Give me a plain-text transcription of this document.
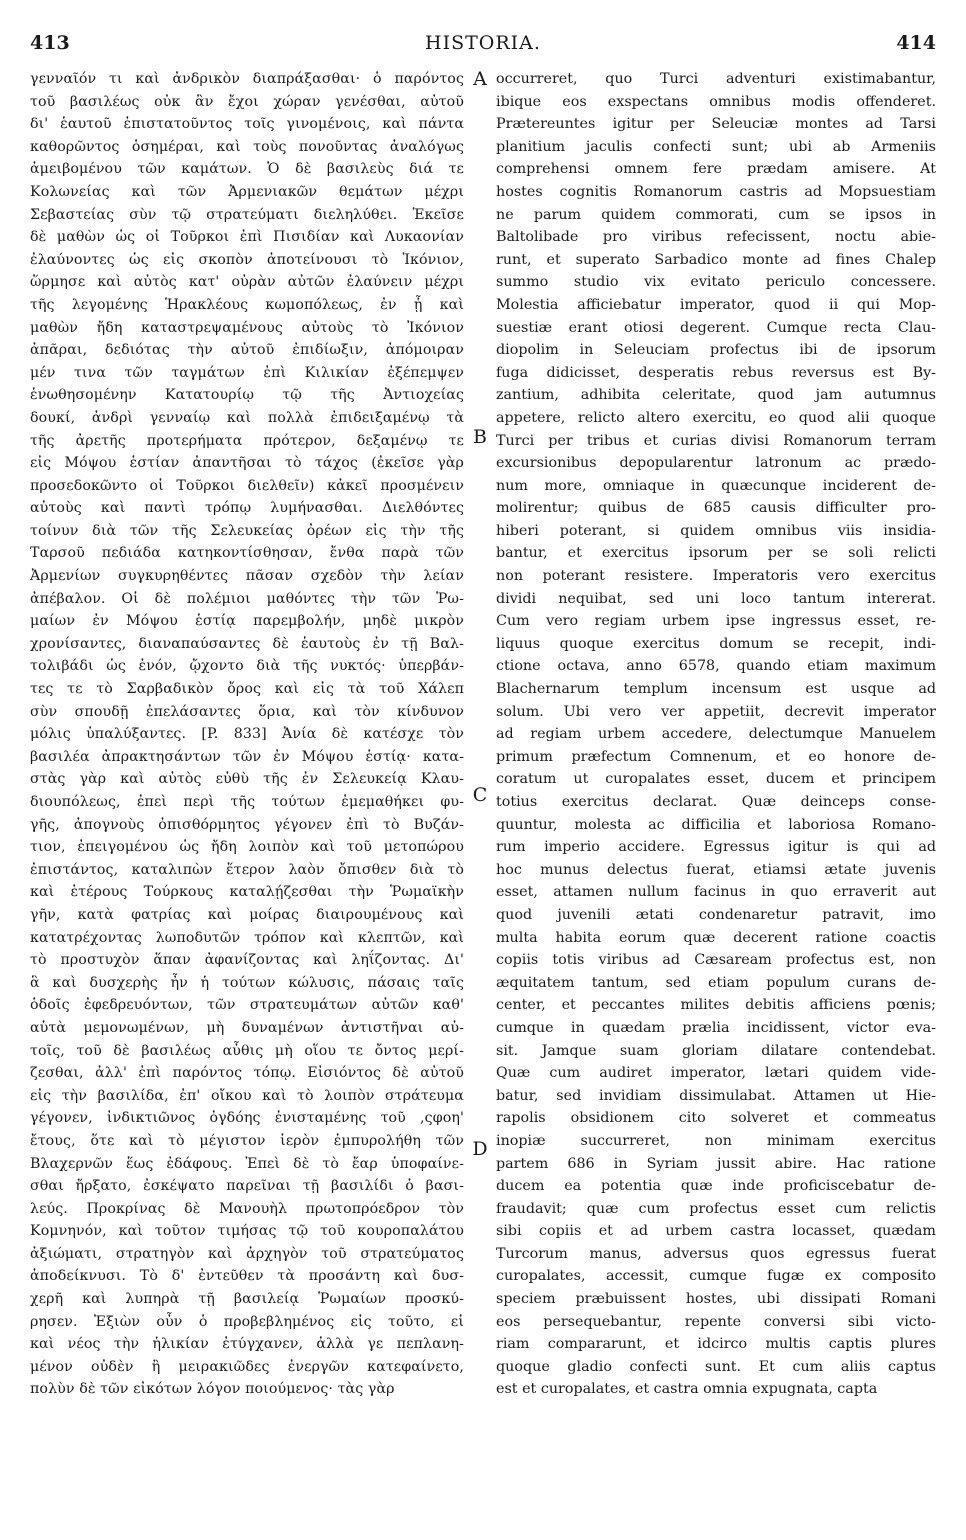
413	HISTORIA.	414
γενναῖόν τι καὶ ἀνδρικὸν διαπράξασθαι· ὁ παρόντος
τοῦ βασιλέως οὐκ ἂν ἔχοι χώραν γενέσθαι, αὐτοῦ
δι' ἑαυτοῦ ἐπιστατοῦντος τοῖς γινομένοις, καὶ πάντα
καθορῶντος ὁσημέραι, καὶ τοὺς πονοῦντας ἀναλόγως
ἀμειβομένου τῶν καμάτων. Ὁ δὲ βασιλεὺς διά τε
Κολωνείας καὶ τῶν Ἀρμενιακῶν θεμάτων μέχρι
Σεβαστείας σὺν τῷ στρατεύματι διεληλύθει. Ἐκεῖσε
δὲ μαθὼν ὡς οἱ Τοῦρκοι ἐπὶ Πισιδίαν καὶ Λυκαονίαν
ἐλαύνοντες ὡς εἰς σκοπὸν ἀποτείνουσι τὸ Ἰκόνιον,
ὥρμησε καὶ αὐτὸς κατ' οὐρὰν αὐτῶν ἐλαύνειν μέχρι
τῆς λεγομένης Ἡρακλέους κωμοπόλεως, ἐν ᾗ καὶ
μαθὼν ἤδη καταστρεψαμένους αὐτοὺς τὸ Ἰκόνιον
ἀπᾶραι, δεδιότας τὴν αὐτοῦ ἐπιδίωξιν, ἀπόμοιραν
μέν τινα τῶν ταγμάτων ἐπὶ Κιλικίαν ἐξέπεμψεν
ἑνωθησομένην Κατατουρίῳ τῷ τῆς Ἀντιοχείας
δουκί, ἀνδρὶ γενναίῳ καὶ πολλὰ ἐπιδειξαμένῳ τὰ
τῆς ἀρετῆς προτερήματα πρότερον, δεξαμένῳ τε
εἰς Μόψου ἑστίαν ἀπαντῆσαι τὸ τάχος (ἐκεῖσε γὰρ
προσεδοκῶντο οἱ Τοῦρκοι διελθεῖν) κἀκεῖ προσμένειν
αὐτοὺς καὶ παντὶ τρόπῳ λυμήνασθαι. Διελθόντες
τοίνυν διὰ τῶν τῆς Σελευκείας ὀρέων εἰς τὴν τῆς
Ταρσοῦ πεδιάδα κατηκοντίσθησαν, ἔνθα παρὰ τῶν
Ἀρμενίων συγκυρηθέντες πᾶσαν σχεδὸν τὴν λείαν
ἀπέβαλον. Οἱ δὲ πολέμιοι μαθόντες τὴν τῶν Ῥω-
μαίων ἐν Μόψου ἑστίᾳ παρεμβολήν, μηδὲ μικρὸν
χρονίσαντες, διαναπαύσαντες δὲ ἑαυτοὺς ἐν τῇ Βαλ-
τολιβάδι ὡς ἐνόν, ᾤχοντο διὰ τῆς νυκτός· ὑπερβάν-
τες τε τὸ Σαρβαδικὸν ὄρος καὶ εἰς τὰ τοῦ Χάλεπ
σὺν σπουδῇ ἐπελάσαντες ὅρια, καὶ τὸν κίνδυνον
μόλις ὑπαλύξαντες. [P. 833] Ἀνία δὲ κατέσχε τὸν
βασιλέα ἀπρακτησάντων τῶν ἐν Μόψου ἑστίᾳ· κατα-
στὰς γὰρ καὶ αὐτὸς εὐθὺ τῆς ἐν Σελευκείᾳ Κλαυ-
διουπόλεως, ἐπεὶ περὶ τῆς τούτων ἐμεμαθήκει φυ-
γῆς, ἀπογνοὺς ὀπισθόρμητος γέγονεν ἐπὶ τὸ Βυζάν-
τιον, ἐπειγομένου ὡς ἤδη λοιπὸν καὶ τοῦ μετοπώρου
ἐπιστάντος, καταλιπὼν ἕτερον λαὸν ὄπισθεν διὰ τὸ
καὶ ἑτέρους Τούρκους καταλῄζεσθαι τὴν Ῥωμαϊκὴν
γῆν, κατὰ φατρίας καὶ μοίρας διαιρουμένους καὶ
κατατρέχοντας λωποδυτῶν τρόπον καὶ κλεπτῶν, καὶ
τὸ προστυχὸν ἅπαν ἀφανίζοντας καὶ ληΐζοντας. Δι'
ἃ καὶ δυσχερὴς ἦν ἡ τούτων κώλυσις, πάσαις ταῖς
ὁδοῖς ἐφεδρευόντων, τῶν στρατευμάτων αὐτῶν καθ'
αὑτὰ μεμονωμένων, μὴ δυναμένων ἀντιστῆναι αὐ-
τοῖς, τοῦ δὲ βασιλέως αὖθις μὴ οἵου τε ὄντος μερί-
ζεσθαι, ἀλλ' ἐπὶ παρόντος τόπῳ. Εἰσιόντος δὲ αὐτοῦ
εἰς τὴν βασιλίδα, ἐπ' οἴκου καὶ τὸ λοιπὸν στράτευμα
γέγονεν, ἰνδικτιῶνος ὀγδόης ἐνισταμένης τοῦ ,ςφοη'
ἔτους, ὅτε καὶ τὸ μέγιστον ἱερὸν ἐμπυρολήθη τῶν
Βλαχερνῶν ἕως ἐδάφους. Ἐπεὶ δὲ τὸ ἔαρ ὑποφαίνε-
σθαι ἤρξατο, ἐσκέψατο παρεῖναι τῇ βασιλίδι ὁ βασι-
λεύς. Προκρίνας δὲ Μανουὴλ πρωτοπρόεδρον τὸν
Κομνηνόν, καὶ τοῦτον τιμήσας τῷ τοῦ κουροπαλάτου
ἀξιώματι, στρατηγὸν καὶ ἀρχηγὸν τοῦ στρατεύματος
ἀποδείκνυσι. Τὸ δ' ἐντεῦθεν τὰ προσάντη καὶ δυσ-
χερῆ καὶ λυπηρὰ τῇ βασιλείᾳ Ῥωμαίων προσκύ-
ρησεν. Ἐξιὼν οὖν ὁ προβεβλημένος εἰς τοῦτο, εἰ
καὶ νέος τὴν ἡλικίαν ἐτύγχανεν, ἀλλὰ γε πεπλανη-
μένον οὐδὲν ἢ μειρακιῶδες ἐνεργῶν κατεφαίνετο,
πολὺν δὲ τῶν εἰκότων λόγον ποιούμενος· τὰς γὰρ
occurreret, quo Turci adventuri existimabantur,
ibique eos exspectans omnibus modis offenderet.
Prætereuntes igitur per Seleuciæ montes ad Tarsi
planitium jaculis confecti sunt; ubi ab Armeniis
comprehensi omnem fere prædam amisere. At
hostes cognitis Romanorum castris ad Mopsuestiam
ne parum quidem commorati, cum se ipsos in
Baltolibade pro viribus refecissent, noctu abie-
runt, et superato Sarbadico monte ad fines Chalep
summo studio vix evitato periculo concessere.
Molestia afficiebatur imperator, quod ii qui Mop-
suestiæ erant otiosi degerent. Cumque recta Clau-
diopolim in Seleuciam profectus ibi de ipsorum
fuga didicisset, desperatis rebus reversus est By-
zantium, adhibita celeritate, quod jam autumnus
appetere, relicto altero exercitu, eo quod alii quoque
Turci per tribus et curias divisi Romanorum terram
excursionibus depopularentur latronum ac prædo-
num more, omniaque in quæcunque inciderent de-
molirentur; quibus de 685 causis difficulter pro-
hiberi poterant, si quidem omnibus viis insidia-
bantur, et exercitus ipsorum per se soli relicti
non poterant resistere. Imperatoris vero exercitus
dividi nequibat, sed uni loco tantum intererat.
Cum vero regiam urbem ipse ingressus esset, re-
liquus quoque exercitus domum se recepit, indi-
ctione octava, anno 6578, quando etiam maximum
Blachernarum templum incensum est usque ad
solum. Ubi vero ver appetiit, decrevit imperator
ad regiam urbem accedere, delectumque Manuelem
primum præfectum Comnenum, et eo honore de-
coratum ut curopalates esset, ducem et principem
totius exercitus declarat. Quæ deinceps conse-
quuntur, molesta ac difficilia et laboriosa Romano-
rum imperio accidere. Egressus igitur is qui ad
hoc munus delectus fuerat, etiamsi ætate juvenis
esset, attamen nullum facinus in quo erraverit aut
quod juvenili ætati condenaretur patravit, imo
multa habita eorum quæ decerent ratione coactis
copiis totis viribus ad Cæsaream profectus est, non
æquitatem tantum, sed etiam populum curans de-
center, et peccantes milites debitis afficiens pœnis;
cumque in quædam prælia incidissent, victor eva-
sit. Jamque suam gloriam dilatare contendebat.
Quæ cum audiret imperator, lætari quidem vide-
batur, sed invidiam dissimulabat. Attamen ut Hie-
rapolis obsidionem cito solveret et commeatus
inopiæ succurreret, non minimam exercitus
partem 686 in Syriam jussit abire. Hac ratione
ducem ea potentia quæ inde proficiscebatur de-
fraudavit; quæ cum profectus esset cum relictis
sibi copiis et ad urbem castra locasset, quædam
Turcorum manus, adversus quos egressus fuerat
curopalates, accessit, cumque fugæ ex composito
speciem præbuissent hostes, ubi dissipati Romani
eos persequebantur, repente conversi sibi victo-
riam compararunt, et idcirco multis captis plures
quoque gladio confecti sunt. Et cum aliis captus
est et curopalates, et castra omnia expugnata, capta
A
B
C
D
